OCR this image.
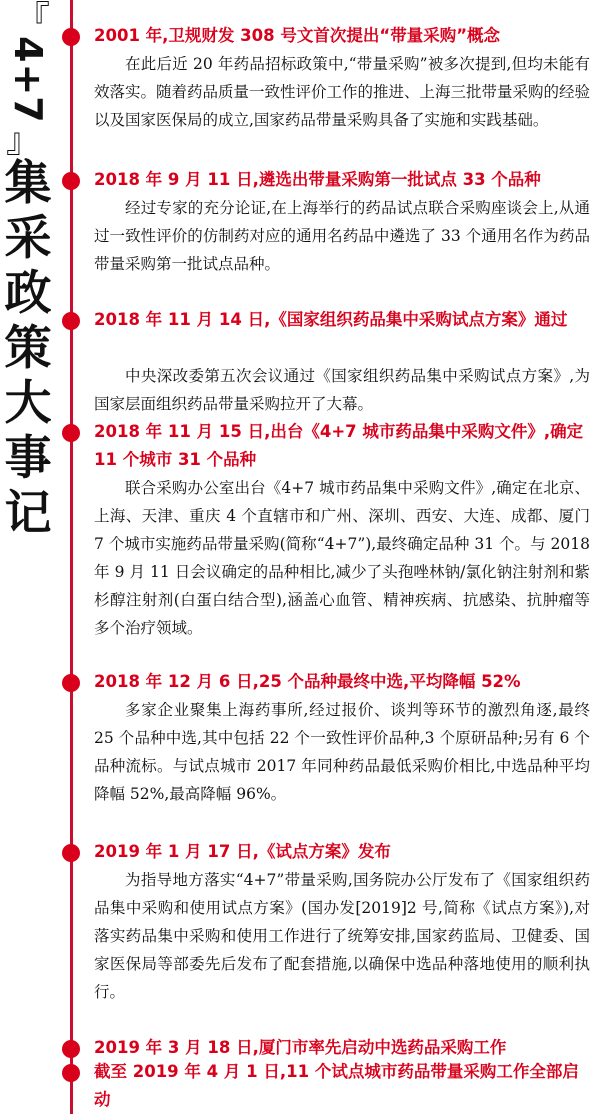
『
4+7
』
集
采
政
策
大
事
记
2001 年,卫规财发 308 号文首次提出“带量采购”概念
在此后近 20 年药品招标政策中,“带量采购”被多次提到,但均未能有效落实。随着药品质量一致性评价工作的推进、上海三批带量采购的经验以及国家医保局的成立,国家药品带量采购具备了实施和实践基础。
2018 年 9 月 11 日,遴选出带量采购第一批试点 33 个品种
经过专家的充分论证,在上海举行的药品试点联合采购座谈会上,从通过一致性评价的仿制药对应的通用名药品中遴选了 33 个通用名作为药品带量采购第一批试点品种。
2018 年 11 月 14 日,《国家组织药品集中采购试点方案》通过
中央深改委第五次会议通过《国家组织药品集中采购试点方案》,为国家层面组织药品带量采购拉开了大幕。
2018 年 11 月 15 日,出台《4+7 城市药品集中采购文件》,确定 11 个城市 31 个品种
联合采购办公室出台《4+7 城市药品集中采购文件》,确定在北京、上海、天津、重庆 4 个直辖市和广州、深圳、西安、大连、成都、厦门 7 个城市实施药品带量采购(简称“4+7”),最终确定品种 31 个。与 2018 年 9 月 11 日会议确定的品种相比,减少了头孢唑林钠/氯化钠注射剂和紫杉醇注射剂(白蛋白结合型),涵盖心血管、精神疾病、抗感染、抗肿瘤等多个治疗领域。
2018 年 12 月 6 日,25 个品种最终中选,平均降幅 52%
多家企业聚集上海药事所,经过报价、谈判等环节的激烈角逐,最终 25 个品种中选,其中包括 22 个一致性评价品种,3 个原研品种;另有 6 个品种流标。与试点城市 2017 年同种药品最低采购价相比,中选品种平均降幅 52%,最高降幅 96%。
2019 年 1 月 17 日,《试点方案》发布
为指导地方落实“4+7”带量采购,国务院办公厅发布了《国家组织药品集中采购和使用试点方案》(国办发[2019]2 号,简称《试点方案》),对落实药品集中采购和使用工作进行了统筹安排,国家药监局、卫健委、国家医保局等部委先后发布了配套措施,以确保中选品种落地使用的顺利执行。
2019 年 3 月 18 日,厦门市率先启动中选药品采购工作
截至 2019 年 4 月 1 日,11 个试点城市药品带量采购工作全部启动
